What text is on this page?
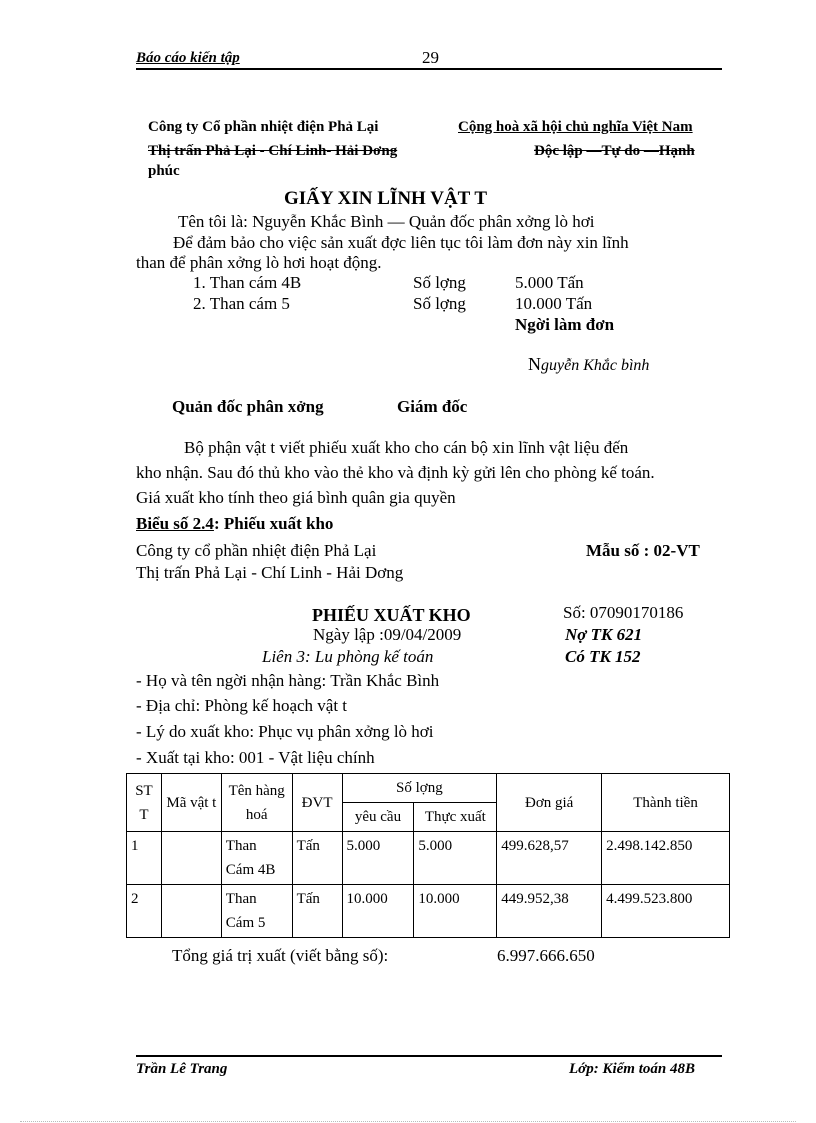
Báo cáo kiến tập	29
Công ty Cổ phần nhiệt điện Phả Lại	Cộng hoà xã hội chủ nghĩa Việt Nam
Thị trấn Phả Lại - Chí Linh- Hải Dơng	Độc lập —Tự do —Hạnh
phúc
GIẤY XIN LĨNH VẬT T
Tên tôi là: Nguyễn Khắc Bình — Quản đốc phân xởng lò hơi
Để đảm bảo cho việc sản xuất đợc liên tục tôi làm đơn này xin lĩnh
than để phân xởng lò hơi hoạt động.
1. Than cám 4B	Số lợng	5.000 Tấn
2. Than cám 5	Số lợng	10.000 Tấn
Ngời làm đơn
Nguyễn Khắc bình
Quản đốc phân xởng	Giám đốc
Bộ phận vật t viết phiếu xuất kho cho cán bộ xin lĩnh vật liệu đến
kho nhận. Sau đó thủ kho vào thẻ kho và định kỳ gửi lên cho phòng kế toán.
Giá xuất kho tính theo giá bình quân gia quyền
Biểu số 2.4: Phiếu xuất kho
Công ty cổ phần nhiệt điện Phả Lại	Mẫu số : 02-VT
Thị trấn Phả Lại - Chí Linh - Hải Dơng
PHIẾU XUẤT KHO	Số: 07090170186
Ngày lập :09/04/2009	Nợ TK 621
Liên 3: Lu phòng kế toán	Có TK 152
- Họ và tên ngời nhận hàng: Trần Khắc Bình
- Địa chỉ: Phòng kế hoạch vật t
- Lý do xuất kho: Phục vụ phân xởng lò hơi
- Xuất tại kho: 001 - Vật liệu chính
ST T	Mã vật t	Tên hàng hoá	ĐVT	Số lợng		Đơn giá	Thành tiền
				yêu cầu	Thực xuất		
1		Than Cám 4B	Tấn	5.000	5.000	499.628,57	2.498.142.850
2		Than Cám 5	Tấn	10.000	10.000	449.952,38	4.499.523.800
Tổng giá trị xuất (viết bằng số):	6.997.666.650
Trần Lê Trang	Lớp: Kiểm toán 48B
